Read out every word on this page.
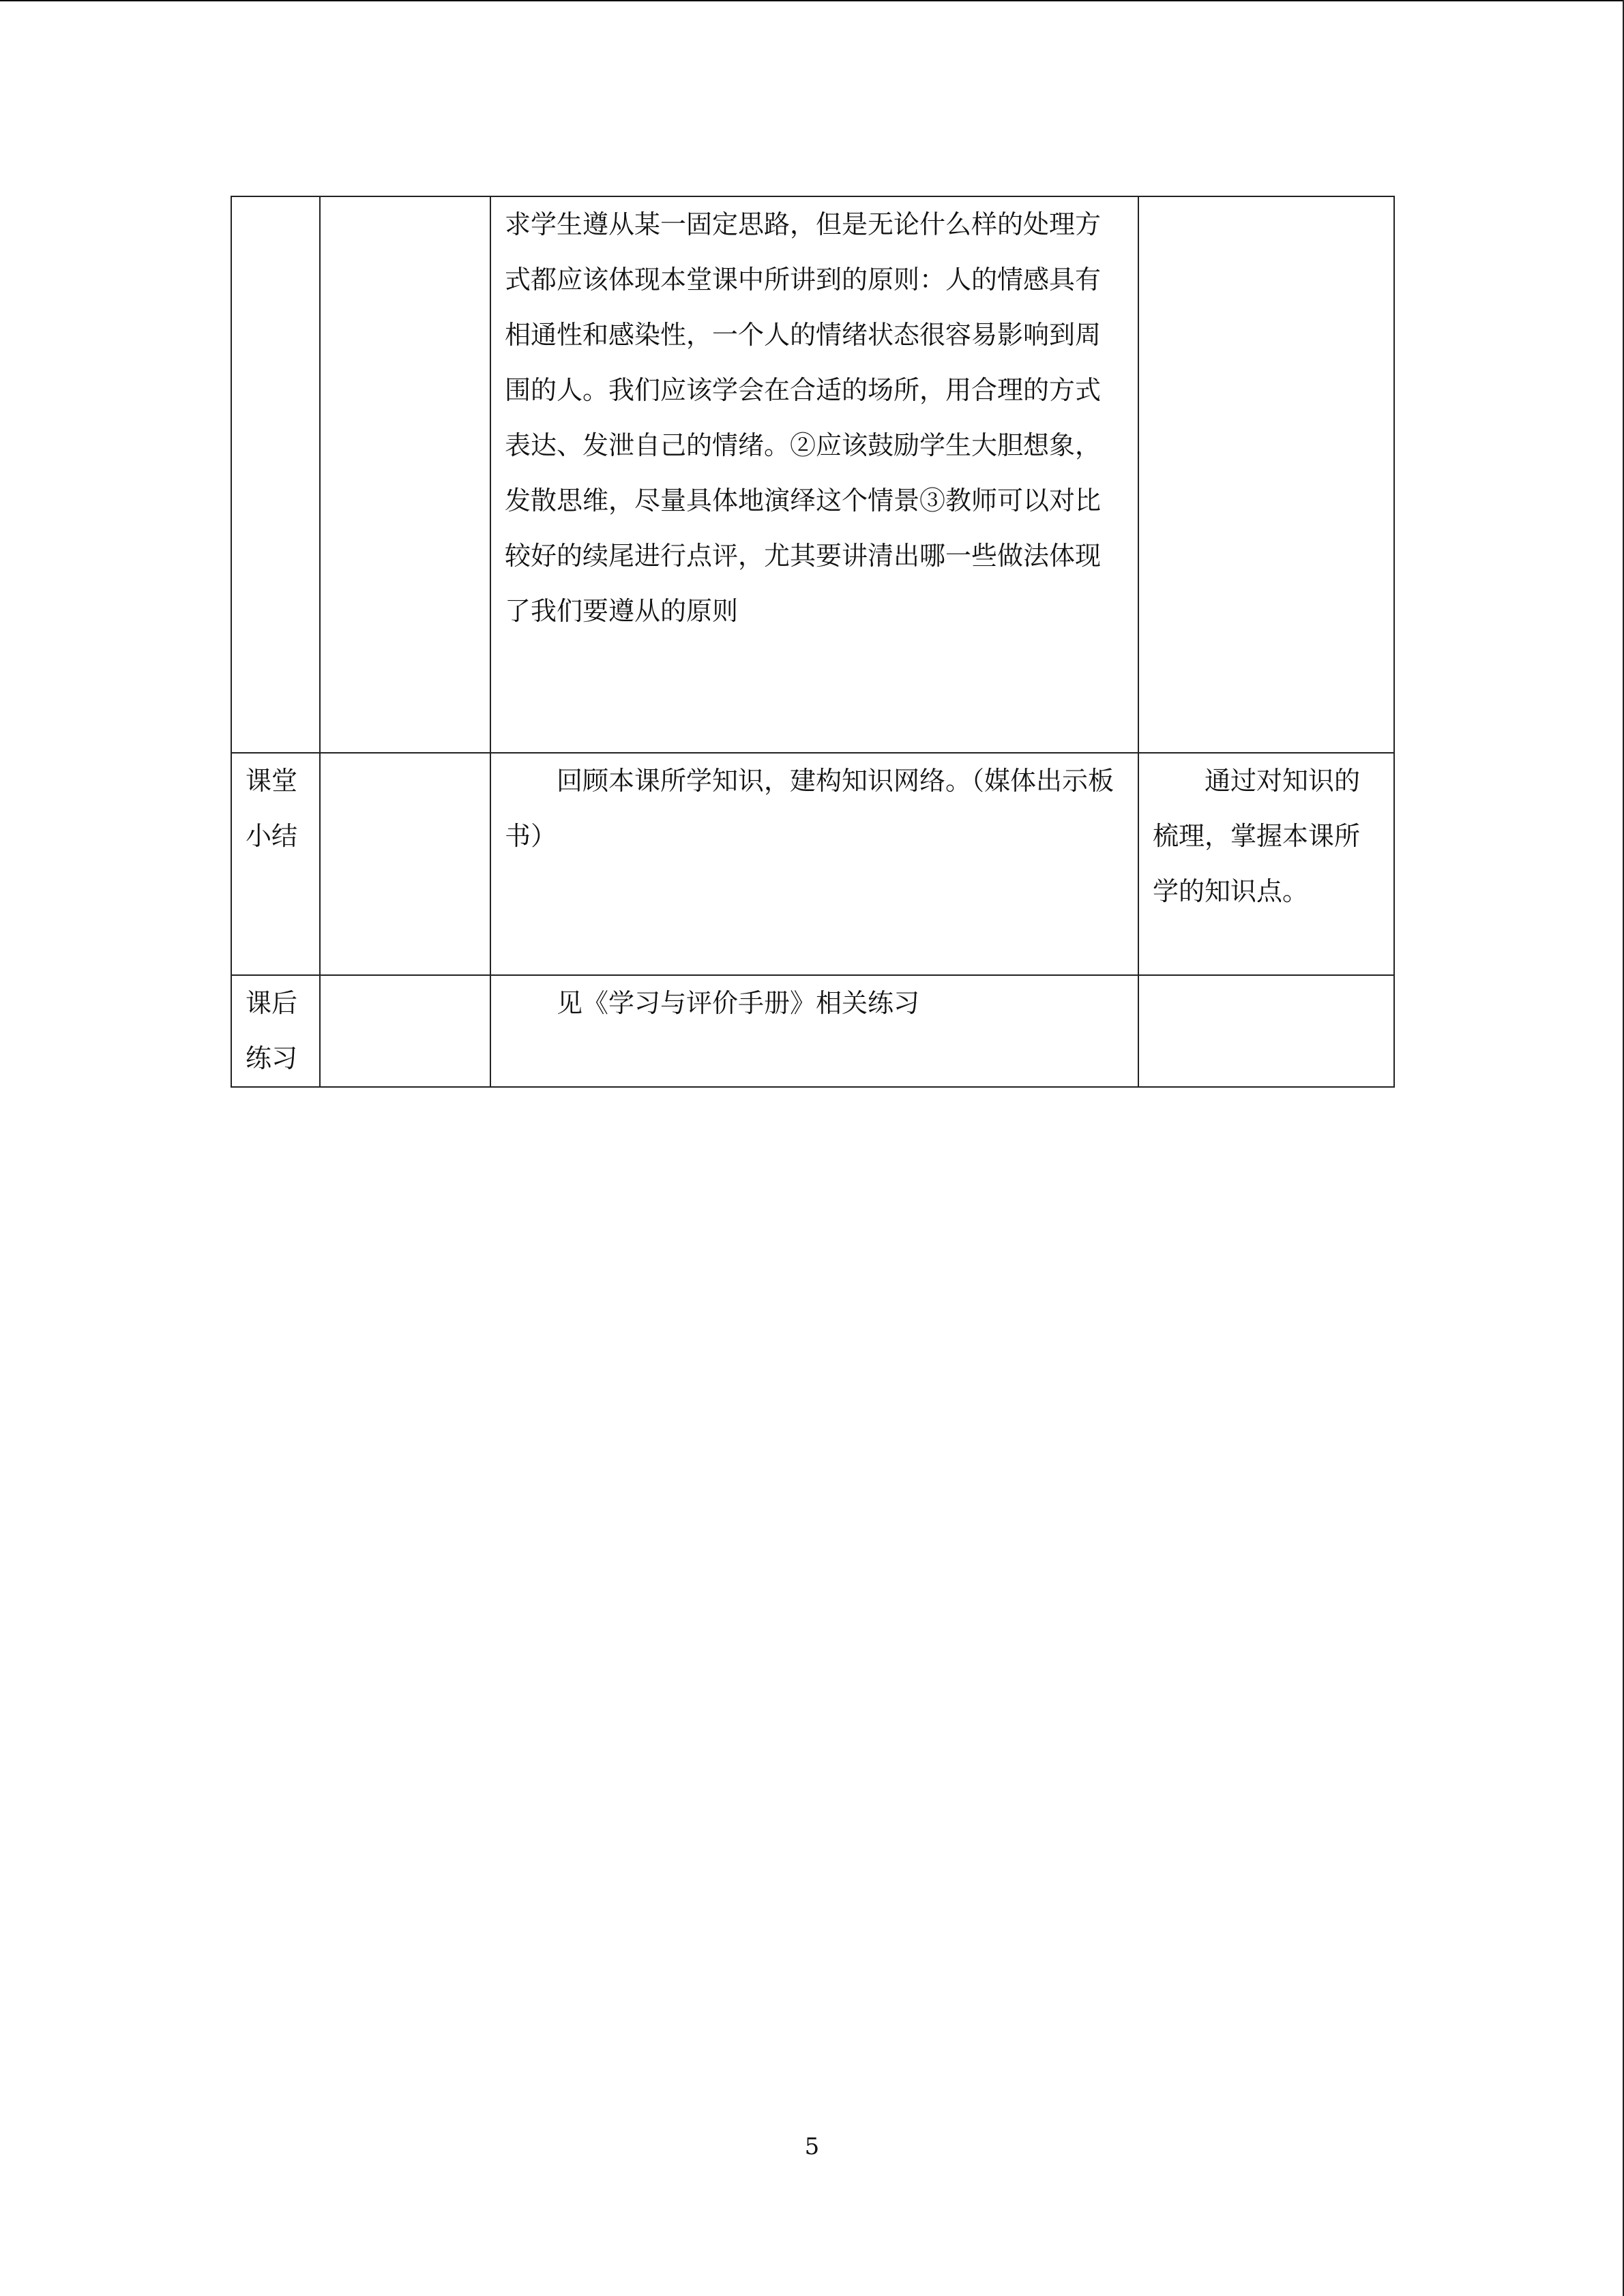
		求学生遵从某一固定思路，但是无论什么样的处理方式都应该体现本堂课中所讲到的原则：人的情感具有相通性和感染性，一个人的情绪状态很容易影响到周围的人。我们应该学会在合适的场所，用合理的方式表达、发泄自己的情绪。②应该鼓励学生大胆想象，发散思维，尽量具体地演绎这个情景③教师可以对比较好的续尾进行点评，尤其要讲清出哪一些做法体现了我们要遵从的原则	
课堂小结		回顾本课所学知识，建构知识网络。（媒体出示板书）	通过对知识的梳理，掌握本课所学的知识点。
课后练习		见《学习与评价手册》相关练习	
5
